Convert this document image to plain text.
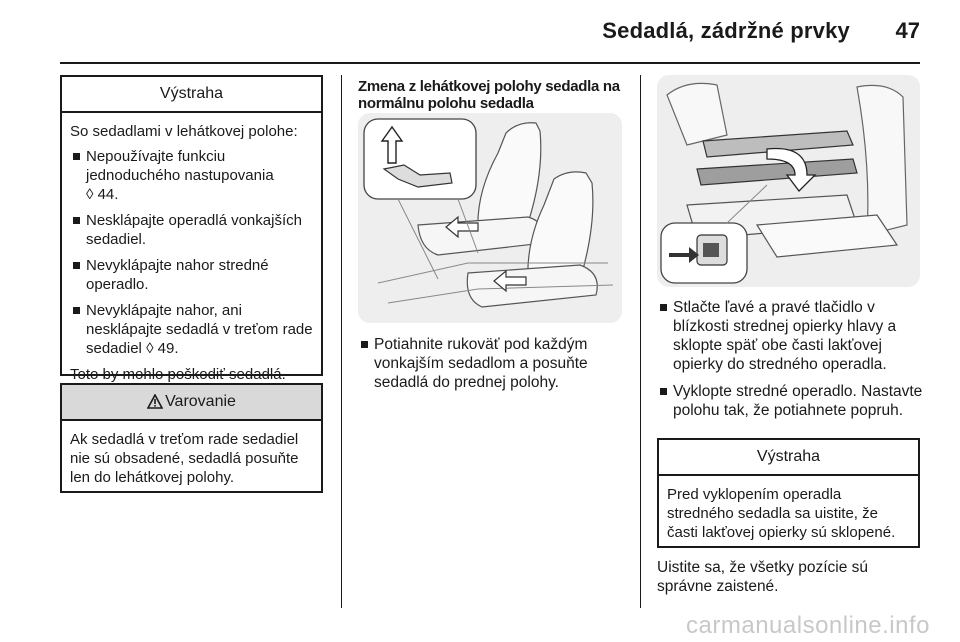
Sedadlá, zádržné prvky	47
Výstraha
So sedadlami v lehátkovej polohe:
Nepoužívajte funkciu jednoduchého nastupovania
◊ 44.
Nesklápajte operadlá vonkajších sedadiel.
Nevyklápajte nahor stredné operadlo.
Nevyklápajte nahor, ani nesklápajte sedadlá v treťom rade sedadiel ◊ 49.
Toto by mohlo poškodiť sedadlá.
Varovanie
Ak sedadlá v treťom rade sedadiel nie sú obsadené, sedadlá posuňte len do lehátkovej polohy.
Zmena z lehátkovej polohy sedadla na normálnu polohu sedadla
Potiahnite rukoväť pod každým vonkajším sedadlom a posuňte sedadlá do prednej polohy.
Stlačte ľavé a pravé tlačidlo v blízkosti strednej opierky hlavy a sklopte späť obe časti lakťovej opierky do stredného operadla.
Vyklopte stredné operadlo. Nastavte polohu tak, že potiahnete popruh.
Výstraha
Pred vyklopením operadla stredného sedadla sa uistite, že časti lakťovej opierky sú sklopené.
Uistite sa, že všetky pozície sú správne zaistené.
carmanualsonline.info
